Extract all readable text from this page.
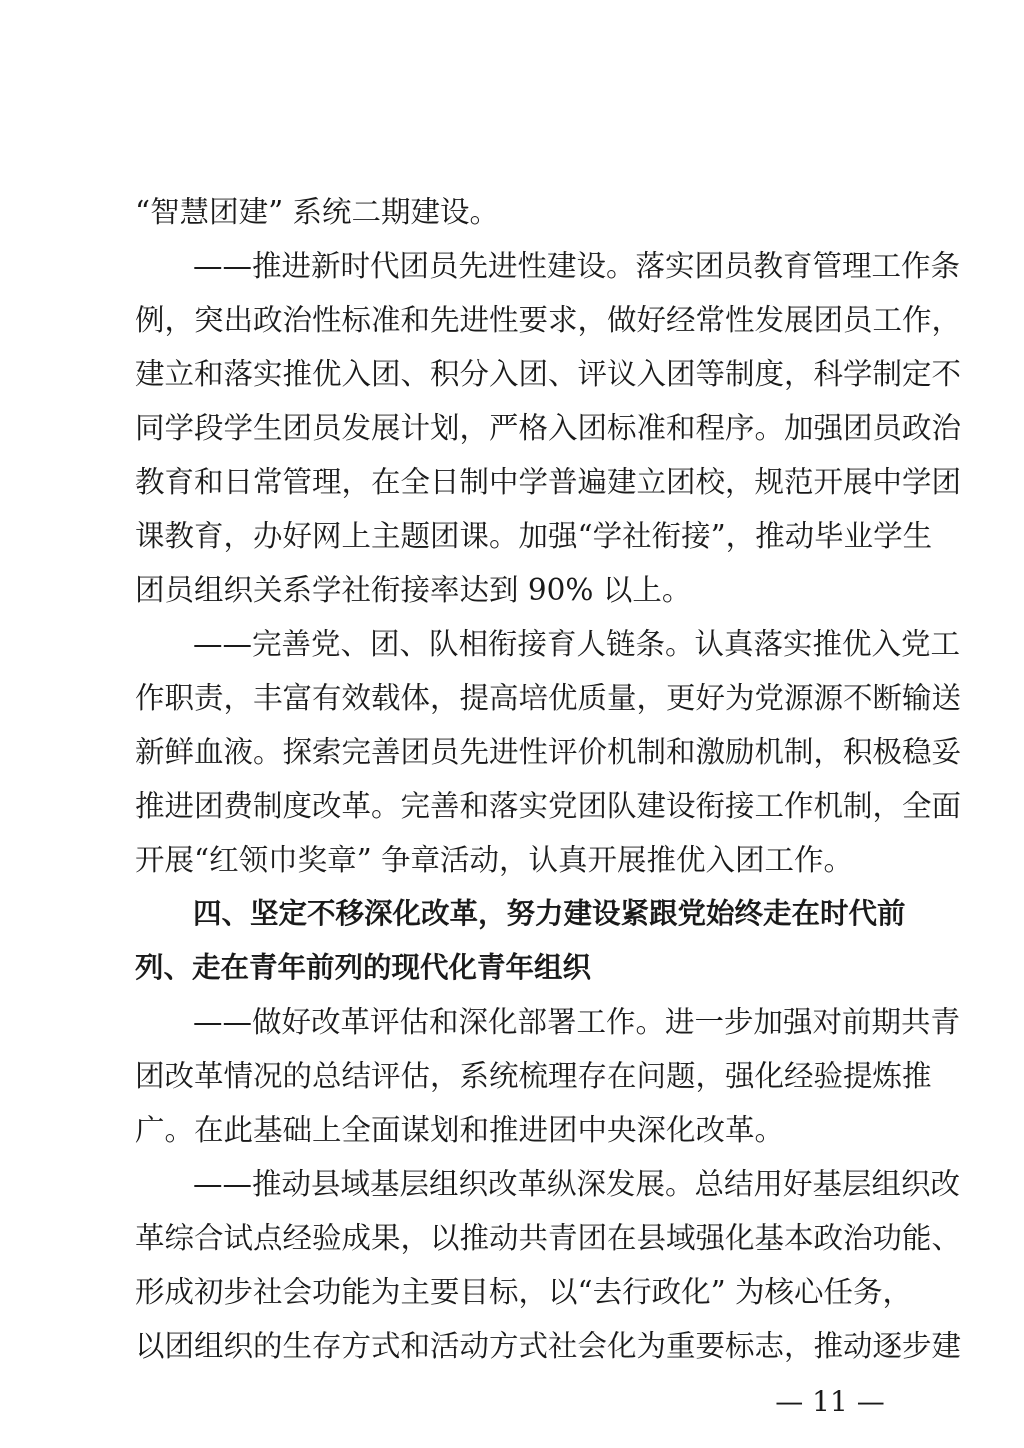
“智慧团建” 系统二期建设。
——推进新时代团员先进性建设。落实团员教育管理工作条
例，突出政治性标准和先进性要求，做好经常性发展团员工作，
建立和落实推优入团、积分入团、评议入团等制度，科学制定不
同学段学生团员发展计划，严格入团标准和程序。加强团员政治
教育和日常管理，在全日制中学普遍建立团校，规范开展中学团
课教育，办好网上主题团课。加强“学社衔接”，推动毕业学生
团员组织关系学社衔接率达到 90% 以上。
——完善党、团、队相衔接育人链条。认真落实推优入党工
作职责，丰富有效载体，提高培优质量，更好为党源源不断输送
新鲜血液。探索完善团员先进性评价机制和激励机制，积极稳妥
推进团费制度改革。完善和落实党团队建设衔接工作机制，全面
开展“红领巾奖章” 争章活动，认真开展推优入团工作。
四、坚定不移深化改革，努力建设紧跟党始终走在时代前
列、走在青年前列的现代化青年组织
——做好改革评估和深化部署工作。进一步加强对前期共青
团改革情况的总结评估，系统梳理存在问题，强化经验提炼推
广。在此基础上全面谋划和推进团中央深化改革。
——推动县域基层组织改革纵深发展。总结用好基层组织改
革综合试点经验成果，以推动共青团在县域强化基本政治功能、
形成初步社会功能为主要目标，以“去行政化” 为核心任务，
以团组织的生存方式和活动方式社会化为重要标志，推动逐步建
— 11 —
